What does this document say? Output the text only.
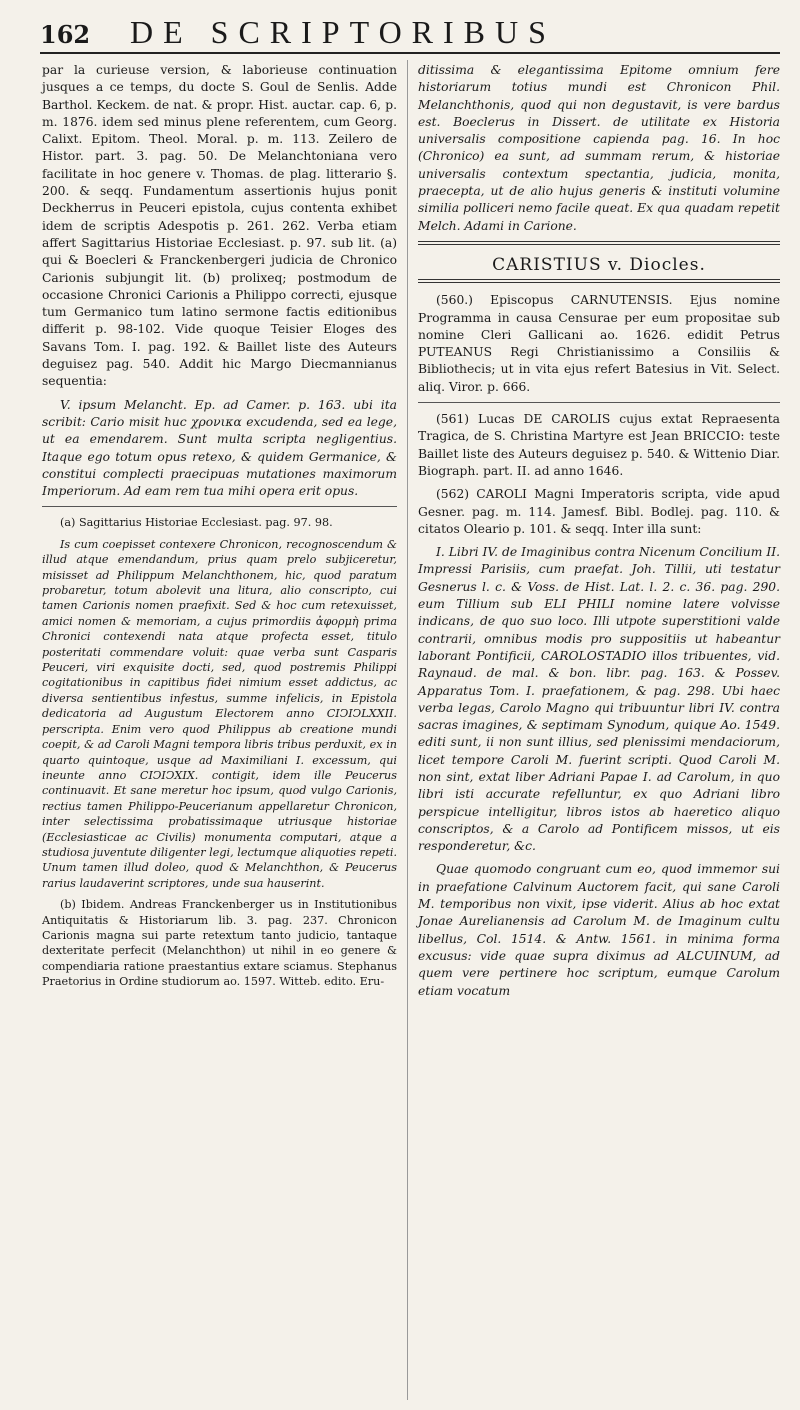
162	DE SCRIPTORIBUS

par la curieuse version, & laborieuse continuation jusques a ce temps, du docte S. Goul de Senlis. Adde Barthol. Keckem. de nat. & propr. Hist. auctar. cap. 6, p. m. 1876. idem sed minus plene referentem, cum Georg. Calixt. Epitom. Theol. Moral. p. m. 113. Zeilero de Histor. part. 3. pag. 50. De Melanchtoniana vero facilitate in hoc genere v. Thomas. de plag. litterario §. 200. & seqq. Fundamentum assertionis hujus ponit Deckherrus in Peuceri epistola, cujus contenta exhibet idem de scriptis Adespotis p. 261. 262. Verba etiam affert Sagittarius Historiae Ecclesiast. p. 97. sub lit. (a) qui & Boecleri & Franckenbergeri judicia de Chronico Carionis subjungit lit. (b) prolixeq; postmodum de occasione Chronici Carionis a Philippo correcti, ejusque tum Germanico tum latino sermone factis editionibus differit p. 98-102. Vide quoque Teisier Eloges des Savans Tom. I. pag. 192. & Baillet liste des Auteurs deguisez pag. 540. Addit hic Margo Diecmannianus sequentia:

V. ipsum Melancht. Ep. ad Camer. p. 163. ubi ita scribit: Cario misit huc χρονικα excudenda, sed ea lege, ut ea emendarem. Sunt multa scripta negligentius. Itaque ego totum opus retexo, & quidem Germanice, & constitui complecti praecipuas mutationes maximorum Imperiorum. Ad eam rem tua mihi opera erit opus.

(a) Sagittarius Historiae Ecclesiast. pag. 97. 98.

Is cum coepisset contexere Chronicon, recognoscendum & illud atque emendandum, prius quam prelo subjiceretur, misisset ad Philippum Melanchthonem, hic, quod paratum probaretur, totum abolevit una litura, alio conscripto, cui tamen Carionis nomen praefixit. Sed & hoc cum retexuisset, amici nomen & memoriam, a cujus primordiis ἀφορμὴ prima Chronici contexendi nata atque profecta esset, titulo posteritati commendare voluit: quae verba sunt Casparis Peuceri, viri exquisite docti, sed, quod postremis Philippi cogitationibus in capitibus fidei nimium esset addictus, ac diversa sentientibus infestus, summe infelicis, in Epistola dedicatoria ad Augustum Electorem anno CIↃIↃLXXII. perscripta. Enim vero quod Philippus ab creatione mundi coepit, & ad Caroli Magni tempora libris tribus perduxit, ex in quarto quintoque, usque ad Maximiliani I. excessum, qui ineunte anno CIↃIↃXIX. contigit, idem ille Peucerus continuavit. Et sane meretur hoc ipsum, quod vulgo Carionis, rectius tamen Philippo-Peucerianum appellaretur Chronicon, inter selectissima probatissimaque utriusque historiae (Ecclesiasticae ac Civilis) monumenta computari, atque a studiosa juventute diligenter legi, lectumque aliquoties repeti. Unum tamen illud doleo, quod & Melanchthon, & Peucerus rarius laudaverint scriptores, unde sua hauserint.

(b) Ibidem. Andreas Franckenberger us in Institutionibus Antiquitatis & Historiarum lib. 3. pag. 237. Chronicon Carionis magna sui parte retextum tanto judicio, tantaque dexteritate perfecit (Melanchthon) ut nihil in eo genere & compendiaria ratione praestantius extare sciamus. Stephanus Praetorius in Ordine studiorum ao. 1597. Witteb. edito. Eru-

ditissima & elegantissima Epitome omnium fere historiarum totius mundi est Chronicon Phil. Melanchthonis, quod qui non degustavit, is vere bardus est. Boeclerus in Dissert. de utilitate ex Historia universalis compositione capienda pag. 16. In hoc (Chronico) ea sunt, ad summam rerum, & historiae universalis contextum spectantia, judicia, monita, praecepta, ut de alio hujus generis & instituti volumine similia polliceri nemo facile queat. Ex qua quadam repetit Melch. Adami in Carione.

CARISTIUS v. Diocles.

(560.) Episcopus CARNUTENSIS. Ejus nomine Programma in causa Censurae per eum propositae sub nomine Cleri Gallicani ao. 1626. edidit Petrus PUTEANUS Regi Christianissimo a Consiliis & Bibliothecis; ut in vita ejus refert Batesius in Vit. Select. aliq. Viror. p. 666.

(561) Lucas DE CAROLIS cujus extat Repraesenta Tragica, de S. Christina Martyre est Jean BRICCIO: teste Baillet liste des Auteurs deguisez p. 540. & Wittenio Diar. Biograph. part. II. ad anno 1646.

(562) CAROLI Magni Imperatoris scripta, vide apud Gesner. pag. m. 114. Jamesf. Bibl. Bodlej. pag. 110. & citatos Oleario p. 101. & seqq. Inter illa sunt:

I. Libri IV. de Imaginibus contra Nicenum Concilium II. Impressi Parisiis, cum praefat. Joh. Tillii, uti testatur Gesnerus l. c. & Voss. de Hist. Lat. l. 2. c. 36. pag. 290. eum Tillium sub ELI PHILI nomine latere volvisse indicans, de quo suo loco. Illi utpote superstitioni valde contrarii, omnibus modis pro suppositiis ut habeantur laborant Pontificii, CAROLOSTADIO illos tribuentes, vid. Raynaud. de mal. & bon. libr. pag. 163. & Possev. Apparatus Tom. I. praefationem, & pag. 298. Ubi haec verba legas, Carolo Magno qui tribuuntur libri IV. contra sacras imagines, & septimam Synodum, quique Ao. 1549. editi sunt, ii non sunt illius, sed plenissimi mendaciorum, licet tempore Caroli M. fuerint scripti. Quod Caroli M. non sint, extat liber Adriani Papae I. ad Carolum, in quo libri isti accurate refelluntur, ex quo Adriani libro perspicue intelligitur, libros istos ab haeretico aliquo conscriptos, & a Carolo ad Pontificem missos, ut eis responderetur, &c.

Quae quomodo congruant cum eo, quod immemor sui in praefatione Calvinum Auctorem facit, qui sane Caroli M. temporibus non vixit, ipse viderit. Alius ab hoc extat Jonae Aurelianensis ad Carolum M. de Imaginum cultu libellus, Col. 1514. & Antw. 1561. in minima forma excusus: vide quae supra diximus ad ALCUINUM, ad quem vere pertinere hoc scriptum, eumque Carolum etiam vocatum
